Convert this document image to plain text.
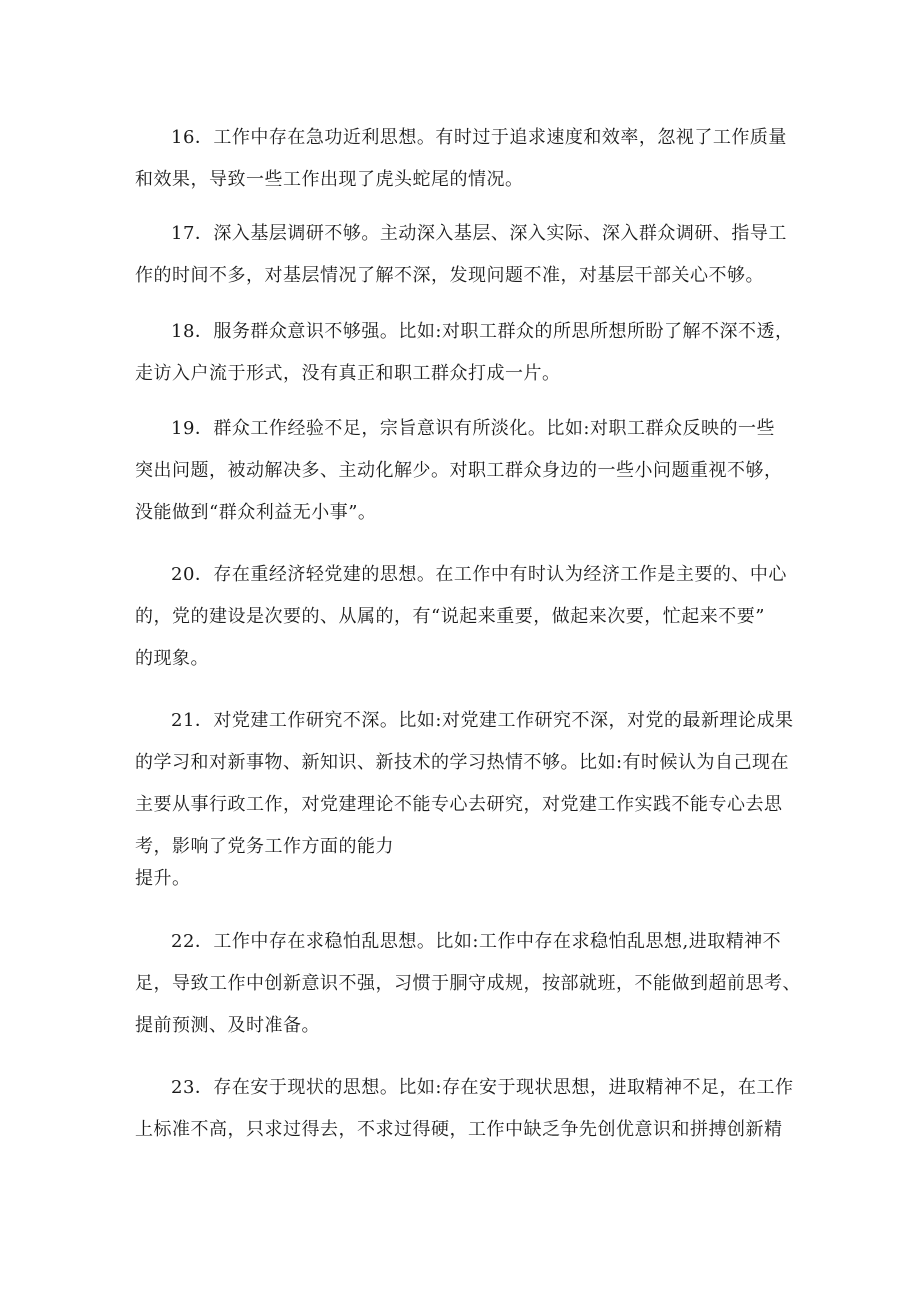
16．工作中存在急功近利思想。有时过于追求速度和效率，忽视了工作质量
和效果，导致一些工作出现了虎头蛇尾的情况。

17．深入基层调研不够。主动深入基层、深入实际、深入群众调研、指导工
作的时间不多，对基层情况了解不深，发现问题不准，对基层干部关心不够。

18．服务群众意识不够强。比如:对职工群众的所思所想所盼了解不深不透，
走访入户流于形式，没有真正和职工群众打成一片。

19．群众工作经验不足，宗旨意识有所淡化。比如:对职工群众反映的一些
突出问题，被动解决多、主动化解少。对职工群众身边的一些小问题重视不够，
没能做到“群众利益无小事”。

20．存在重经济轻党建的思想。在工作中有时认为经济工作是主要的、中心
的，党的建设是次要的、从属的，有“说起来重要，做起来次要，忙起来不要”
的现象。

21．对党建工作研究不深。比如:对党建工作研究不深，对党的最新理论成果
的学习和对新事物、新知识、新技术的学习热情不够。比如:有时候认为自己现在
主要从事行政工作，对党建理论不能专心去研究，对党建工作实践不能专心去思
考，影响了党务工作方面的能力
提升。

22．工作中存在求稳怕乱思想。比如:工作中存在求稳怕乱思想,进取精神不
足，导致工作中创新意识不强，习惯于胴守成规，按部就班，不能做到超前思考、
提前预测、及时准备。

23．存在安于现状的思想。比如:存在安于现状思想，进取精神不足，在工作
上标准不高，只求过得去，不求过得硬，工作中缺乏争先创优意识和拼搏创新精
